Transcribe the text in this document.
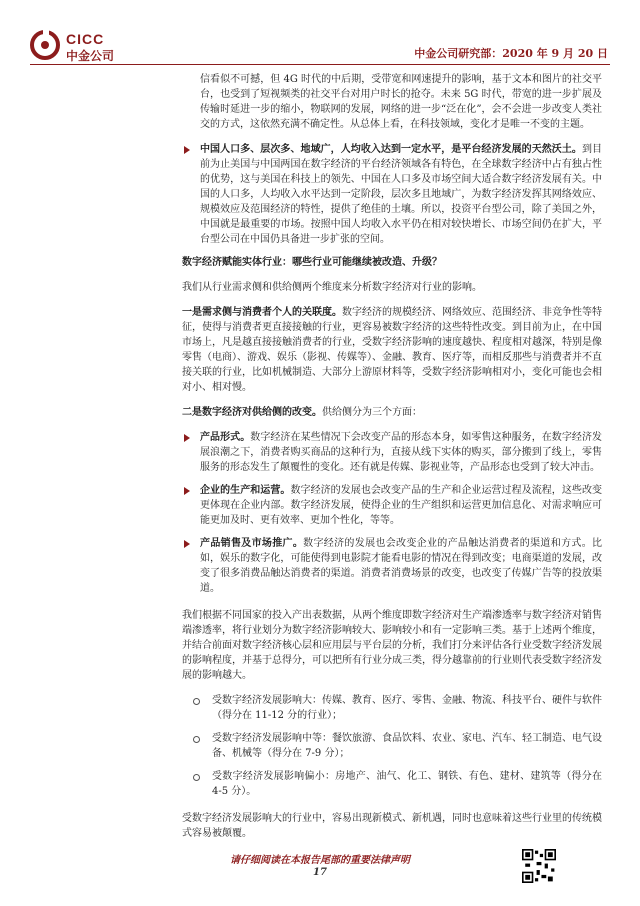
CICC
中金公司	中金公司研究部：2020 年 9 月 20 日

信看似不可撼，但 4G 时代的中后期，受带宽和网速提升的影响，基于文本和图片的社交平台，也受到了短视频类的社交平台对用户时长的抢夺。未来 5G 时代，带宽的进一步扩展及传输时延进一步的缩小，物联网的发展，网络的进一步“泛在化”，会不会进一步改变人类社交的方式，这依然充满不确定性。从总体上看，在科技领域，变化才是唯一不变的主题。

中国人口多、层次多、地域广，人均收入达到一定水平，是平台经济发展的天然沃土。到目前为止美国与中国两国在数字经济的平台经济领域各有特色，在全球数字经济中占有独占性的优势，这与美国在科技上的领先、中国在人口多及市场空间大适合数字经济发展有关。中国的人口多，人均收入水平达到一定阶段，层次多且地域广，为数字经济发挥其网络效应、规模效应及范围经济的特性，提供了绝佳的土壤。所以，投资平台型公司，除了美国之外，中国就是最重要的市场。按照中国人均收入水平仍在相对较快增长、市场空间仍在扩大，平台型公司在中国仍具备进一步扩张的空间。

数字经济赋能实体行业：哪些行业可能继续被改造、升级？

我们从行业需求侧和供给侧两个维度来分析数字经济对行业的影响。

一是需求侧与消费者个人的关联度。数字经济的规模经济、网络效应、范围经济、非竞争性等特征，使得与消费者更直接接触的行业，更容易被数字经济的这些特性改变。到目前为止，在中国市场上，凡是越直接接触消费者的行业，受数字经济影响的速度越快、程度相对越深，特别是像零售（电商）、游戏、娱乐（影视、传媒等）、金融、教育、医疗等，而相反那些与消费者并不直接关联的行业，比如机械制造、大部分上游原材料等，受数字经济影响相对小，变化可能也会相对小、相对慢。

二是数字经济对供给侧的改变。供给侧分为三个方面：

产品形式。数字经济在某些情况下会改变产品的形态本身，如零售这种服务，在数字经济发展浪潮之下，消费者购买商品的这种行为，直接从线下实体的购买，部分搬到了线上，零售服务的形态发生了颠覆性的变化。还有就是传媒、影视业等，产品形态也受到了较大冲击。
企业的生产和运营。数字经济的发展也会改变产品的生产和企业运营过程及流程，这些改变更体现在企业内部。数字经济发展，使得企业的生产组织和运营更加信息化、对需求响应可能更加及时、更有效率、更加个性化，等等。
产品销售及市场推广。数字经济的发展也会改变企业的产品触达消费者的渠道和方式。比如，娱乐的数字化，可能使得到电影院才能看电影的情况在得到改变；电商渠道的发展，改变了很多消费品触达消费者的渠道。消费者消费场景的改变，也改变了传媒广告等的投放渠道。

我们根据不同国家的投入产出表数据，从两个维度即数字经济对生产端渗透率与数字经济对销售端渗透率，将行业划分为数字经济影响较大、影响较小和有一定影响三类。基于上述两个维度，并结合前面对数字经济核心层和应用层与平台层的分析，我们打分来评估各行业受数字经济发展的影响程度，并基于总得分，可以把所有行业分成三类，得分越靠前的行业则代表受数字经济发展的影响越大。

受数字经济发展影响大：传媒、教育、医疗、零售、金融、物流、科技平台、硬件与软件（得分在 11-12 分的行业）；
受数字经济发展影响中等：餐饮旅游、食品饮料、农业、家电、汽车、轻工制造、电气设备、机械等（得分在 7-9 分）；
受数字经济发展影响偏小：房地产、油气、化工、钢铁、有色、建材、建筑等（得分在 4-5 分）。

受数字经济发展影响大的行业中，容易出现新模式、新机遇，同时也意味着这些行业里的传统模式容易被颠覆。

请仔细阅读在本报告尾部的重要法律声明
17
